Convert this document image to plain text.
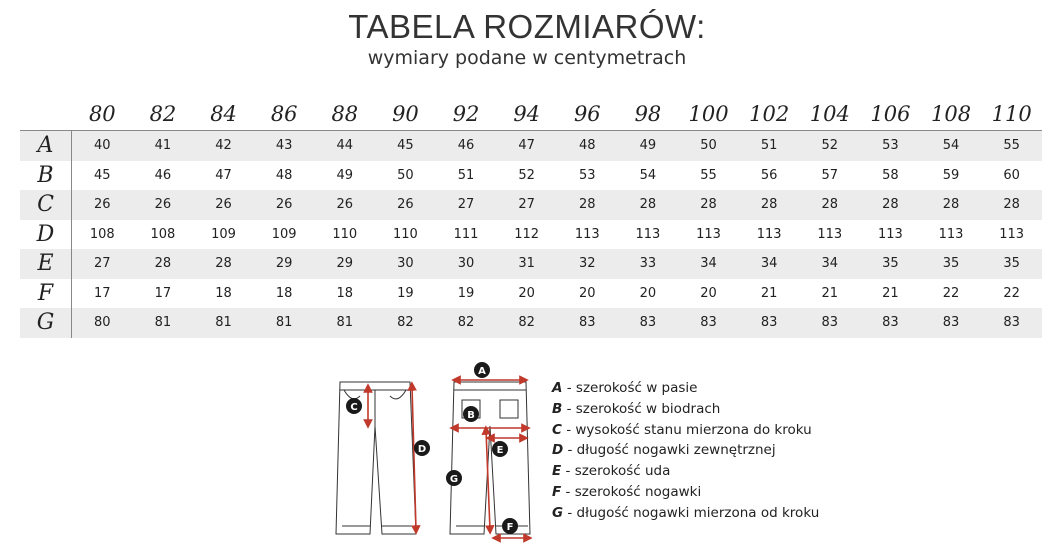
TABELA ROZMIARÓW:
wymiary podane w centymetrach
80	82	84	86	88	90	92	94	96	98	100 102 104 106 108 110
A	40	41	42	43	44	45	46	47	48	49	50	51	52	53	54	55
B	45	46	47	48	49	50	51	52	53	54	55	56	57	58	59	60
C	26	26	26	26	26	26	27	27	28	28	28	28	28	28	28	28
D	108	108	109	109	110	110	111	112	113	113	113	113	113	113	113	113
E	27	28	28	29	29	30	30	31	32	33	34	34	34	35	35	35
F	17	17	18	18	18	19	19	20	20	20	20	21	21	21	22	22
G	80	81	81	81	81	82	82	82	83	83	83	83	83	83	83	83
C
D
A
B
E
G
F
A - szerokość w pasie
B - szerokość w biodrach
C - wysokość stanu mierzona do kroku
D - długość nogawki zewnętrznej
E - szerokość uda
F - szerokość nogawki
G - długość nogawki mierzona od kroku
